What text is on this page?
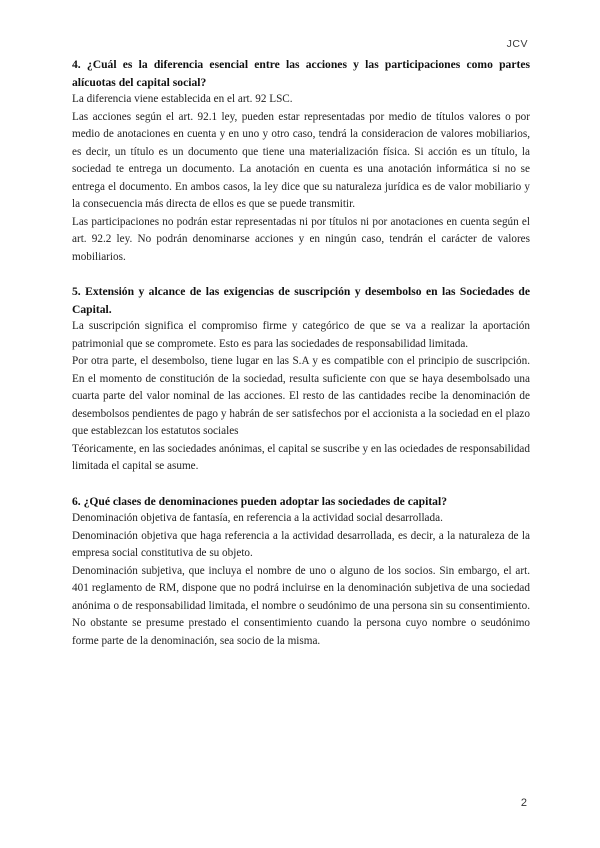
JCV
4. ¿Cuál es la diferencia esencial entre las acciones y las participaciones como partes alícuotas del capital social?

La diferencia viene establecida en el art. 92 LSC.

Las acciones según el art. 92.1 ley, pueden estar representadas por medio de títulos valores o por medio de anotaciones en cuenta y en uno y otro caso, tendrá la consideracion de valores mobiliarios, es decir, un título es un documento que tiene una materialización física. Si acción es un título, la sociedad te entrega un documento. La anotación en cuenta es una anotación informática si no se entrega el documento. En ambos casos, la ley dice que su naturaleza jurídica es de valor mobiliario y la consecuencia más directa de ellos es que se puede transmitir.

Las participaciones no podrán estar representadas ni por títulos ni por anotaciones en cuenta según el art. 92.2 ley. No podrán denominarse acciones y en ningún caso, tendrán el carácter de valores mobiliarios.

5. Extensión y alcance de las exigencias de suscripción y desembolso en las Sociedades de Capital.

La suscripción significa el compromiso firme y categórico de que se va a realizar la aportación patrimonial que se compromete. Esto es para las sociedades de responsabilidad limitada.

Por otra parte, el desembolso, tiene lugar en las S.A y es compatible con el principio de suscripción. En el momento de constitución de la sociedad, resulta suficiente con que se haya desembolsado una cuarta parte del valor nominal de las acciones. El resto de las cantidades recibe la denominación de desembolsos pendientes de pago y habrán de ser satisfechos por el accionista a la sociedad en el plazo que establezcan los estatutos sociales

Téoricamente, en las sociedades anónimas, el capital se suscribe y en las ociedades de responsabilidad limitada el capital se asume.

6. ¿Qué clases de denominaciones pueden adoptar las sociedades de capital?

Denominación objetiva de fantasía, en referencia a la actividad social desarrollada.

Denominación objetiva que haga referencia a la actividad desarrollada, es decir, a la naturaleza de la empresa social constitutiva de su objeto.

Denominación subjetiva, que incluya el nombre de uno o alguno de los socios. Sin embargo, el art. 401 reglamento de RM, dispone que no podrá incluirse en la denominación subjetiva de una sociedad anónima o de responsabilidad limitada, el nombre o seudónimo de una persona sin su consentimiento. No obstante se presume prestado el consentimiento cuando la persona cuyo nombre o seudónimo forme parte de la denominación, sea socio de la misma.

2
